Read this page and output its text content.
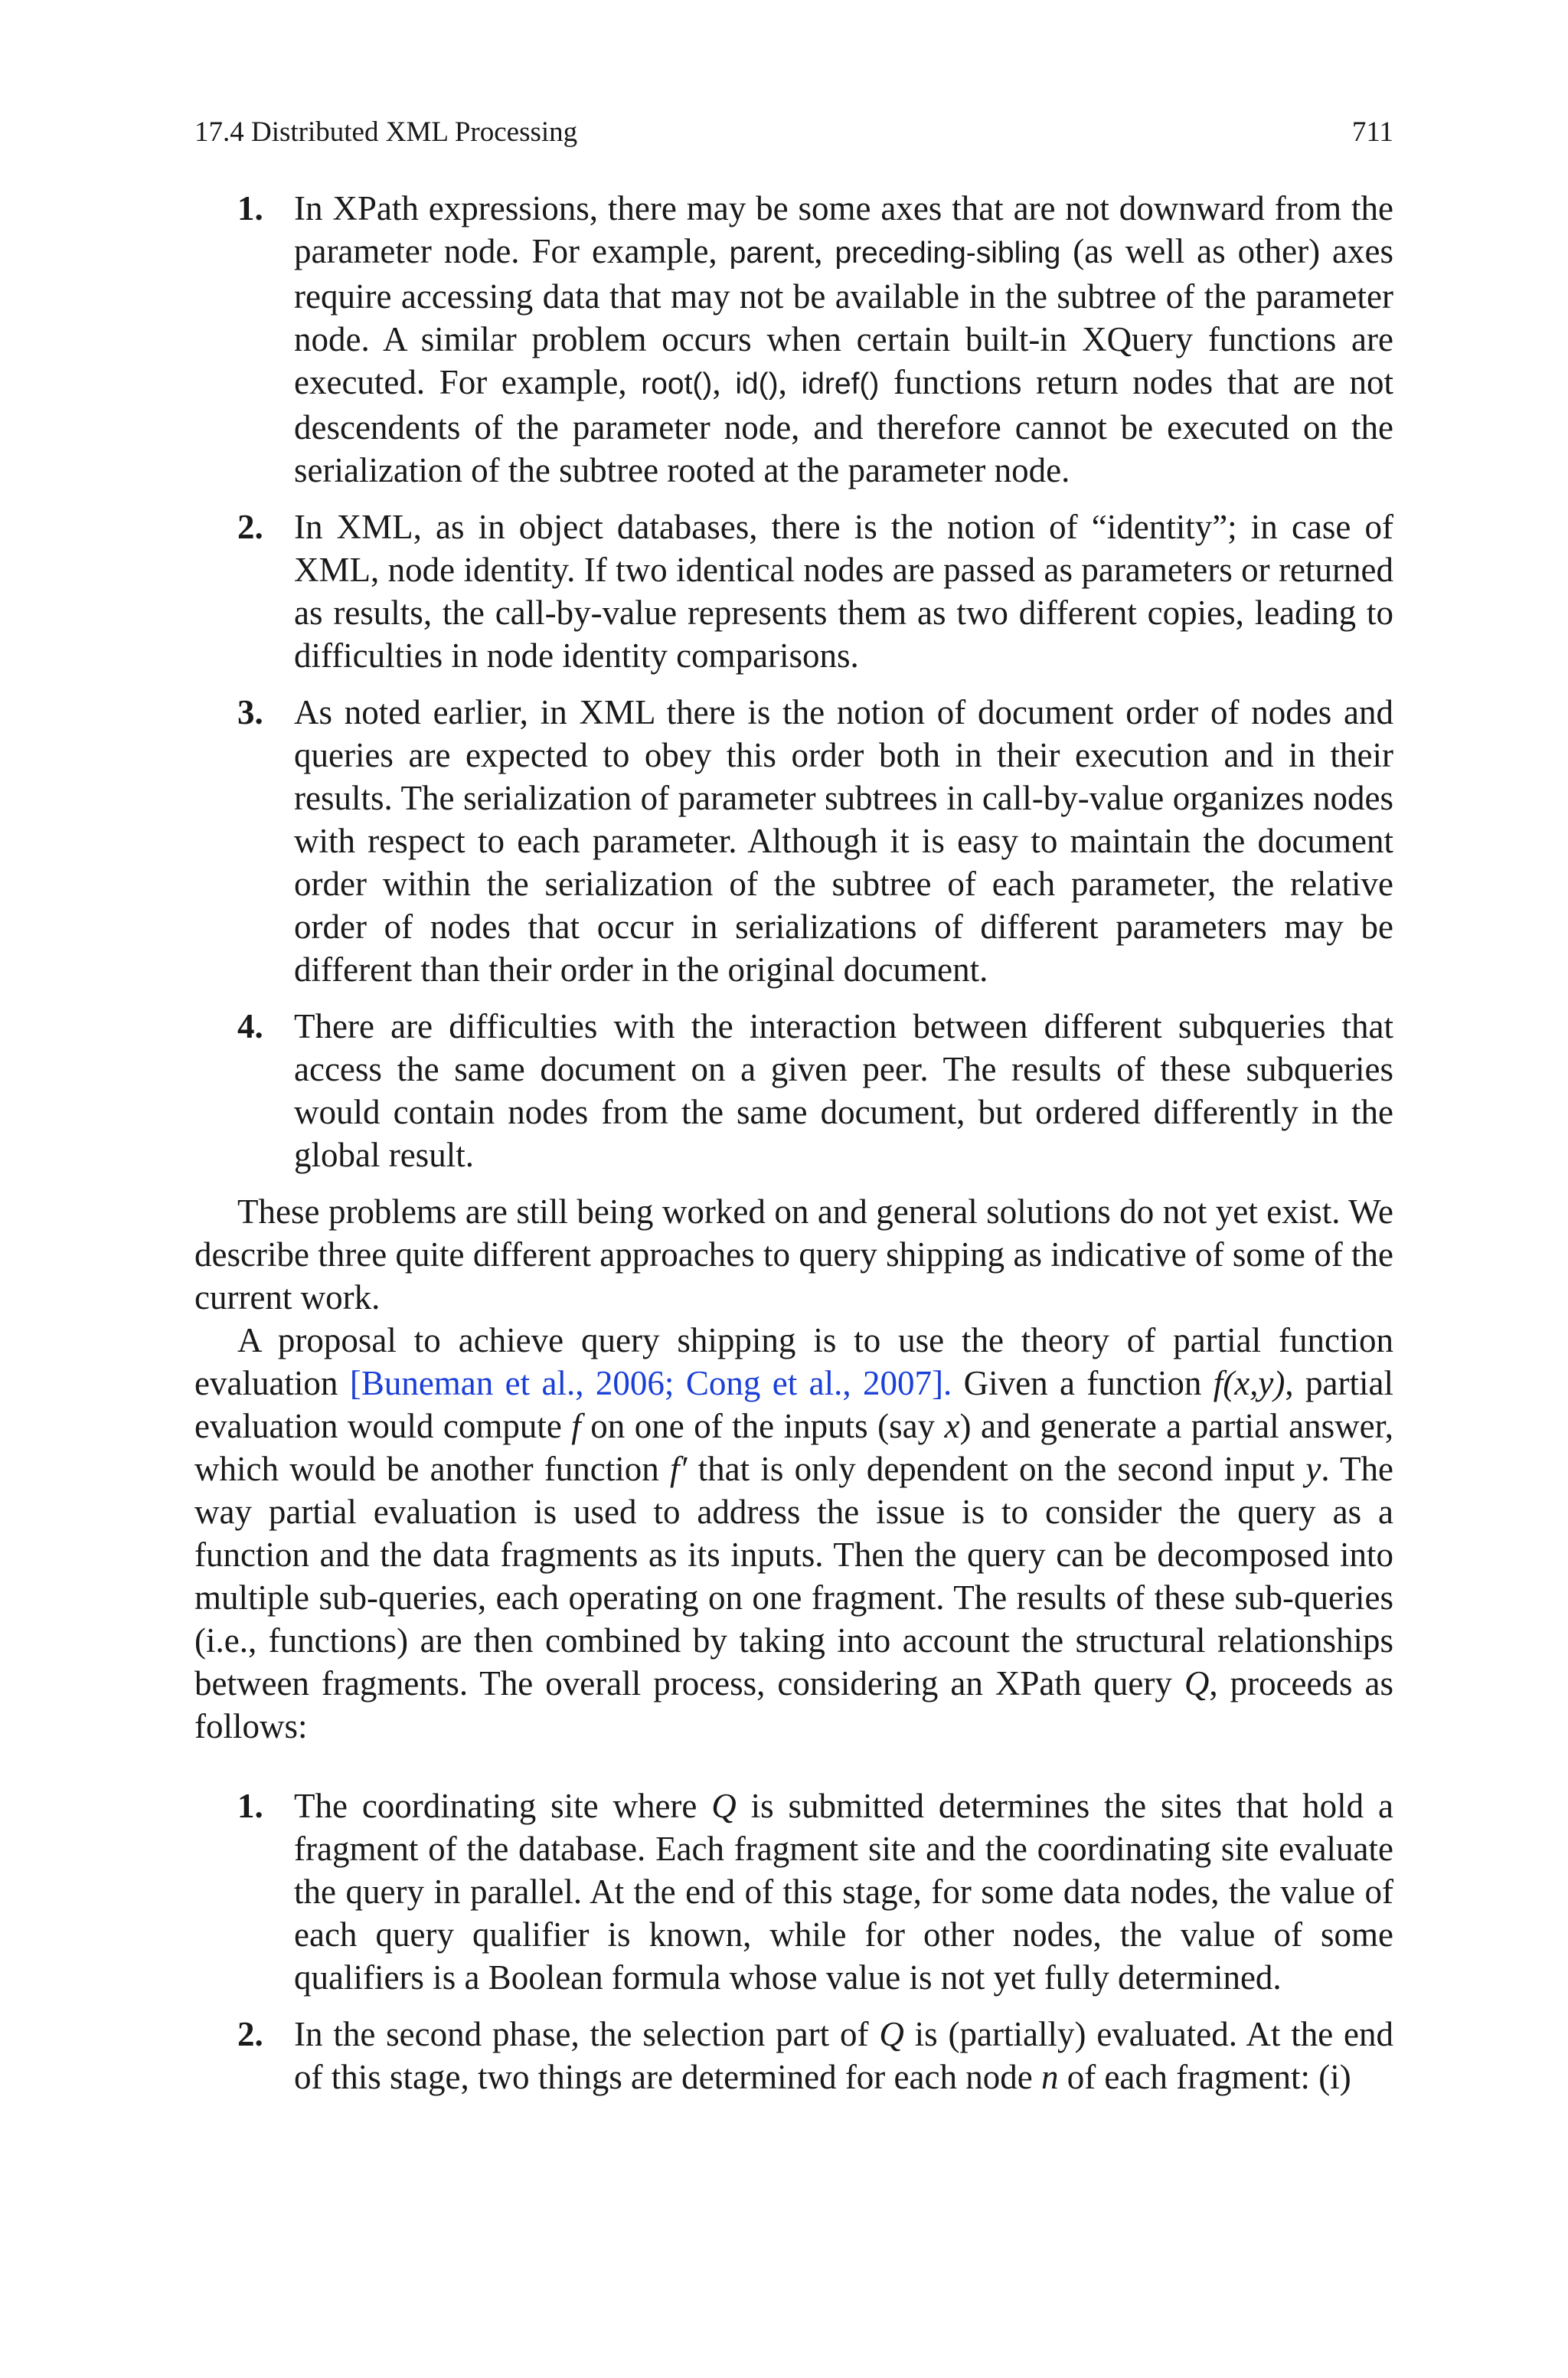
17.4 Distributed XML Processing	711
1. In XPath expressions, there may be some axes that are not downward from the parameter node. For example, parent, preceding-sibling (as well as other) axes require accessing data that may not be available in the subtree of the parameter node. A similar problem occurs when certain built-in XQuery functions are executed. For example, root(), id(), idref() functions return nodes that are not descendents of the parameter node, and therefore cannot be executed on the serialization of the subtree rooted at the parameter node.
2. In XML, as in object databases, there is the notion of “identity”; in case of XML, node identity. If two identical nodes are passed as parameters or returned as results, the call-by-value represents them as two different copies, leading to difficulties in node identity comparisons.
3. As noted earlier, in XML there is the notion of document order of nodes and queries are expected to obey this order both in their execution and in their results. The serialization of parameter subtrees in call-by-value organizes nodes with respect to each parameter. Although it is easy to maintain the document order within the serialization of the subtree of each parameter, the relative order of nodes that occur in serializations of different parameters may be different than their order in the original document.
4. There are difficulties with the interaction between different subqueries that access the same document on a given peer. The results of these subqueries would contain nodes from the same document, but ordered differently in the global result.

These problems are still being worked on and general solutions do not yet exist. We describe three quite different approaches to query shipping as indicative of some of the current work.

A proposal to achieve query shipping is to use the theory of partial function evaluation [Buneman et al., 2006; Cong et al., 2007]. Given a function f(x,y), partial evaluation would compute f on one of the inputs (say x) and generate a partial answer, which would be another function f′ that is only dependent on the second input y. The way partial evaluation is used to address the issue is to consider the query as a function and the data fragments as its inputs. Then the query can be decomposed into multiple sub-queries, each operating on one fragment. The results of these sub-queries (i.e., functions) are then combined by taking into account the structural relationships between fragments. The overall process, considering an XPath query Q, proceeds as follows:

1. The coordinating site where Q is submitted determines the sites that hold a fragment of the database. Each fragment site and the coordinating site evaluate the query in parallel. At the end of this stage, for some data nodes, the value of each query qualifier is known, while for other nodes, the value of some qualifiers is a Boolean formula whose value is not yet fully determined.
2. In the second phase, the selection part of Q is (partially) evaluated. At the end of this stage, two things are determined for each node n of each fragment: (i)
